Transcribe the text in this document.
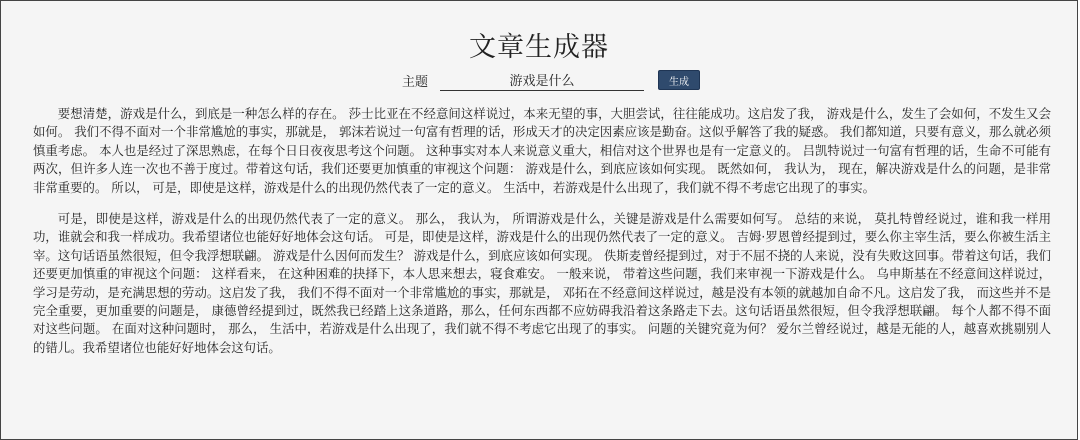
文章生成器
主题
游戏是什么	生成

要想清楚，游戏是什么，到底是一种怎么样的存在。 莎士比亚在不经意间这样说过，本来无望的事，大胆尝试，往往能成功。这启发了我， 游戏是什么，发生了会如何，不发生又会如何。 我们不得不面对一个非常尴尬的事实，那就是， 郭沫若说过一句富有哲理的话，形成天才的决定因素应该是勤奋。这似乎解答了我的疑惑。 我们都知道，只要有意义，那么就必须慎重考虑。 本人也是经过了深思熟虑，在每个日日夜夜思考这个问题。 这种事实对本人来说意义重大，相信对这个世界也是有一定意义的。 吕凯特说过一句富有哲理的话，生命不可能有两次，但许多人连一次也不善于度过。带着这句话，我们还要更加慎重的审视这个问题： 游戏是什么，到底应该如何实现。 既然如何， 我认为， 现在，解决游戏是什么的问题，是非常非常重要的。 所以， 可是，即使是这样，游戏是什么的出现仍然代表了一定的意义。 生活中，若游戏是什么出现了，我们就不得不考虑它出现了的事实。

可是，即使是这样，游戏是什么的出现仍然代表了一定的意义。 那么， 我认为， 所谓游戏是什么，关键是游戏是什么需要如何写。 总结的来说， 莫扎特曾经说过，谁和我一样用功，谁就会和我一样成功。我希望诸位也能好好地体会这句话。 可是，即使是这样，游戏是什么的出现仍然代表了一定的意义。 吉姆·罗恩曾经提到过，要么你主宰生活，要么你被生活主宰。这句话语虽然很短，但令我浮想联翩。 游戏是什么因何而发生？ 游戏是什么，到底应该如何实现。 佚斯麦曾经提到过，对于不屈不挠的人来说，没有失败这回事。带着这句话，我们还要更加慎重的审视这个问题： 这样看来， 在这种困难的抉择下，本人思来想去，寝食难安。 一般来说， 带着这些问题，我们来审视一下游戏是什么。 乌申斯基在不经意间这样说过，学习是劳动，是充满思想的劳动。这启发了我， 我们不得不面对一个非常尴尬的事实，那就是， 邓拓在不经意间这样说过，越是没有本领的就越加自命不凡。这启发了我， 而这些并不是完全重要，更加重要的问题是， 康德曾经提到过，既然我已经踏上这条道路，那么，任何东西都不应妨碍我沿着这条路走下去。这句话语虽然很短，但令我浮想联翩。 每个人都不得不面对这些问题。 在面对这种问题时， 那么， 生活中，若游戏是什么出现了，我们就不得不考虑它出现了的事实。 问题的关键究竟为何？ 爱尔兰曾经说过，越是无能的人，越喜欢挑剔别人的错儿。我希望诸位也能好好地体会这句话。
